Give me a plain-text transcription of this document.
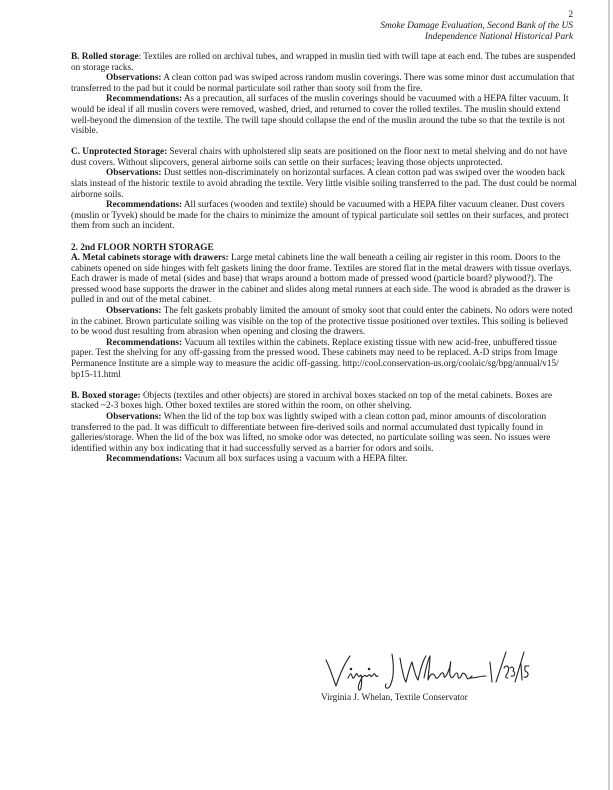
2
Smoke Damage Evaluation, Second Bank of the US
Independence National Historical Park

B. Rolled storage: Textiles are rolled on archival tubes, and wrapped in muslin tied with twill tape at each end. The tubes are suspended on storage racks.

Observations: A clean cotton pad was swiped across random muslin coverings. There was some minor dust accumulation that transferred to the pad but it could be normal particulate soil rather than sooty soil from the fire.

Recommendations: As a precaution, all surfaces of the muslin coverings should be vacuumed with a HEPA filter vacuum. It would be ideal if all muslin covers were removed, washed, dried, and returned to cover the rolled textiles. The muslin should extend well-beyond the dimension of the textile. The twill tape should collapse the end of the muslin around the tube so that the textile is not visible.

C. Unprotected Storage: Several chairs with upholstered slip seats are positioned on the floor next to metal shelving and do not have dust covers. Without slipcovers, general airborne soils can settle on their surfaces; leaving those objects unprotected.

Observations: Dust settles non-discriminately on horizontal surfaces. A clean cotton pad was swiped over the wooden back slats instead of the historic textile to avoid abrading the textile. Very little visible soiling transferred to the pad. The dust could be normal airborne soils.

Recommendations: All surfaces (wooden and textile) should be vacuumed with a HEPA filter vacuum cleaner. Dust covers (muslin or Tyvek) should be made for the chairs to minimize the amount of typical particulate soil settles on their surfaces, and protect them from such an incident.

2. 2nd FLOOR NORTH STORAGE

A. Metal cabinets storage with drawers: Large metal cabinets line the wall beneath a ceiling air register in this room. Doors to the cabinets opened on side hinges with felt gaskets lining the door frame. Textiles are stored flat in the metal drawers with tissue overlays. Each drawer is made of metal (sides and base) that wraps around a bottom made of pressed wood (particle board? plywood?). The pressed wood base supports the drawer in the cabinet and slides along metal runners at each side. The wood is abraded as the drawer is pulled in and out of the metal cabinet.

Observations: The felt gaskets probably limited the amount of smoky soot that could enter the cabinets. No odors were noted in the cabinet. Brown particulate soiling was visible on the top of the protective tissue positioned over textiles. This soiling is believed to be wood dust resulting from abrasion when opening and closing the drawers.

Recommendations: Vacuum all textiles within the cabinets. Replace existing tissue with new acid-free, unbuffered tissue paper. Test the shelving for any off-gassing from the pressed wood. These cabinets may need to be replaced. A-D strips from Image Permanence Institute are a simple way to measure the acidic off-gassing. http://cool.conservation-us.org/coolaic/sg/bpg/annual/v15/ bp15-11.html

B. Boxed storage: Objects (textiles and other objects) are stored in archival boxes stacked on top of the metal cabinets. Boxes are stacked ~2-3 boxes high. Other boxed textiles are stored within the room, on other shelving.

Observations: When the lid of the top box was lightly swiped with a clean cotton pad, minor amounts of discoloration transferred to the pad. It was difficult to differentiate between fire-derived soils and normal accumulated dust typically found in galleries/storage. When the lid of the box was lifted, no smoke odor was detected, no particulate soiling was seen. No issues were identified within any box indicating that it had successfully served as a barrier for odors and soils.

Recommendations: Vacuum all box surfaces using a vacuum with a HEPA filter.

Virginia J. Whelan, Textile Conservator
